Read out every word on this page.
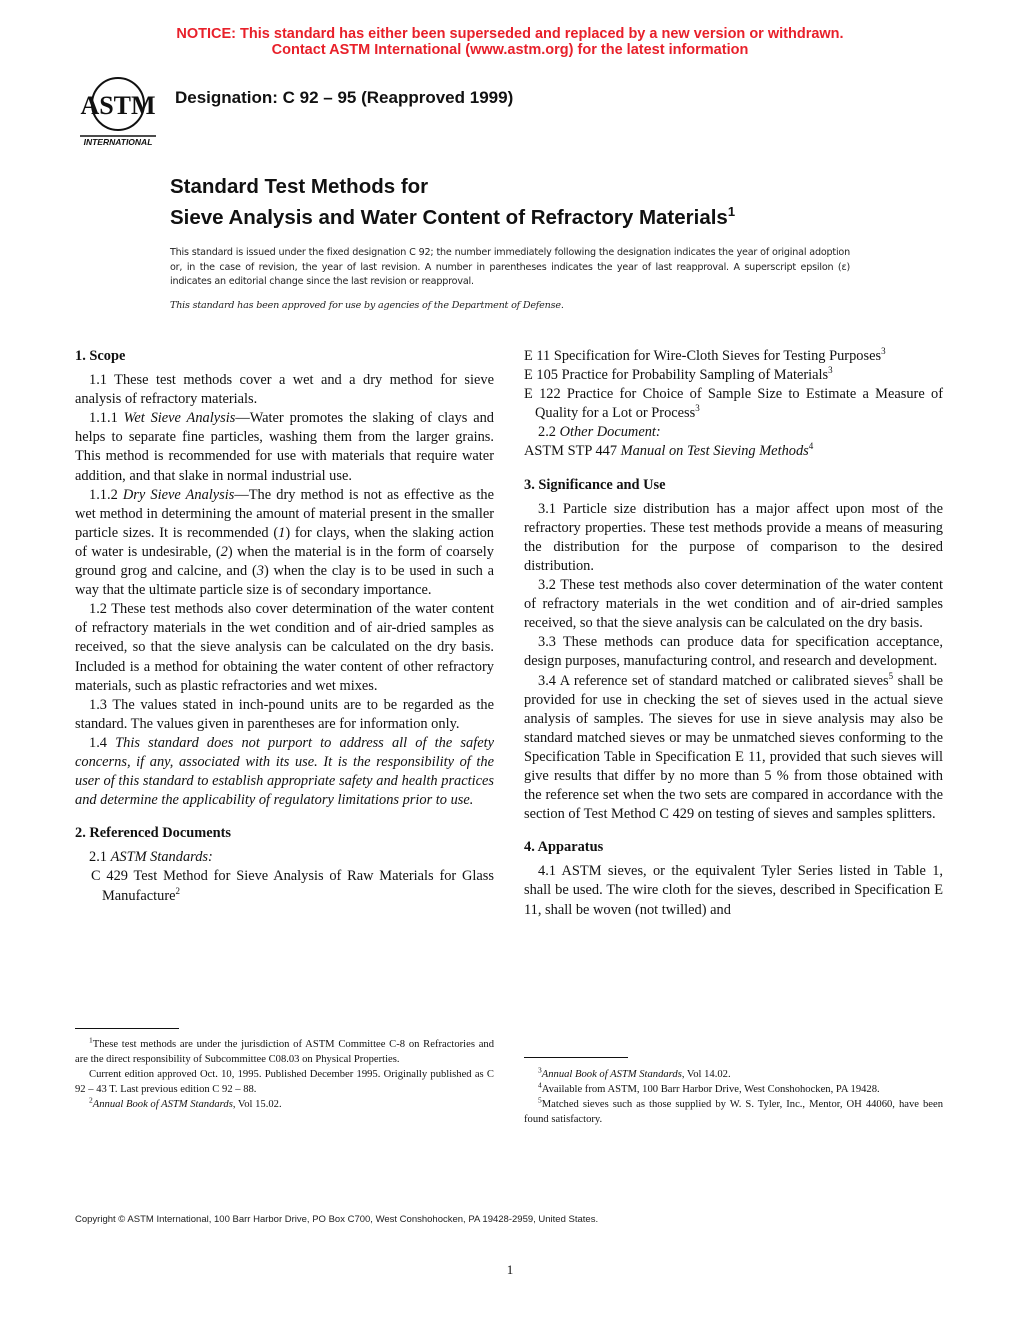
NOTICE: This standard has either been superseded and replaced by a new version or withdrawn.
Contact ASTM International (www.astm.org) for the latest information
ASTM
INTERNATIONAL
Designation: C 92 – 95 (Reapproved 1999)
Standard Test Methods for
Sieve Analysis and Water Content of Refractory Materials$^1$
This standard is issued under the fixed designation C 92; the number immediately following the designation indicates the year of original adoption or, in the case of revision, the year of last revision. A number in parentheses indicates the year of last reapproval. A superscript epsilon (ε) indicates an editorial change since the last revision or reapproval.
This standard has been approved for use by agencies of the Department of Defense.

1. Scope

1.1 These test methods cover a wet and a dry method for sieve analysis of refractory materials.

1.1.1 Wet Sieve Analysis—Water promotes the slaking of clays and helps to separate fine particles, washing them from the larger grains. This method is recommended for use with materials that require water addition, and that slake in normal industrial use.

1.1.2 Dry Sieve Analysis—The dry method is not as effective as the wet method in determining the amount of material present in the smaller particle sizes. It is recommended (1) for clays, when the slaking action of water is undesirable, (2) when the material is in the form of coarsely ground grog and calcine, and (3) when the clay is to be used in such a way that the ultimate particle size is of secondary importance.

1.2 These test methods also cover determination of the water content of refractory materials in the wet condition and of air-dried samples as received, so that the sieve analysis can be calculated on the dry basis. Included is a method for obtaining the water content of other refractory materials, such as plastic refractories and wet mixes.

1.3 The values stated in inch-pound units are to be regarded as the standard. The values given in parentheses are for information only.

1.4 This standard does not purport to address all of the safety concerns, if any, associated with its use. It is the responsibility of the user of this standard to establish appropriate safety and health practices and determine the applicability of regulatory limitations prior to use.

2. Referenced Documents

2.1 ASTM Standards:

C 429 Test Method for Sieve Analysis of Raw Materials for Glass Manufacture$^2$

E 11 Specification for Wire-Cloth Sieves for Testing Purposes$^3$

E 105 Practice for Probability Sampling of Materials$^3$

E 122 Practice for Choice of Sample Size to Estimate a Measure of Quality for a Lot or Process$^3$

2.2 Other Document:

ASTM STP 447 Manual on Test Sieving Methods$^4$

3. Significance and Use

3.1 Particle size distribution has a major affect upon most of the refractory properties. These test methods provide a means of measuring the distribution for the purpose of comparison to the desired distribution.

3.2 These test methods also cover determination of the water content of refractory materials in the wet condition and of air-dried samples received, so that the sieve analysis can be calculated on the dry basis.

3.3 These methods can produce data for specification acceptance, design purposes, manufacturing control, and research and development.

3.4 A reference set of standard matched or calibrated sieves$^5$ shall be provided for use in checking the set of sieves used in the actual sieve analysis of samples. The sieves for use in sieve analysis may also be standard matched sieves or may be unmatched sieves conforming to the Specification Table in Specification E 11, provided that such sieves will give results that differ by no more than 5 % from those obtained with the reference set when the two sets are compared in accordance with the section of Test Method C 429 on testing of sieves and samples splitters.

4. Apparatus

4.1 ASTM sieves, or the equivalent Tyler Series listed in Table 1, shall be used. The wire cloth for the sieves, described in Specification E 11, shall be woven (not twilled) and

$^1$These test methods are under the jurisdiction of ASTM Committee C-8 on Refractories and are the direct responsibility of Subcommittee C08.03 on Physical Properties.

Current edition approved Oct. 10, 1995. Published December 1995. Originally published as C 92 – 43 T. Last previous edition C 92 – 88.

$^2$Annual Book of ASTM Standards, Vol 15.02.

$^3$Annual Book of ASTM Standards, Vol 14.02.

$^4$Available from ASTM, 100 Barr Harbor Drive, West Conshohocken, PA 19428.

$^5$Matched sieves such as those supplied by W. S. Tyler, Inc., Mentor, OH 44060, have been found satisfactory.

Copyright © ASTM International, 100 Barr Harbor Drive, PO Box C700, West Conshohocken, PA 19428-2959, United States.
1
